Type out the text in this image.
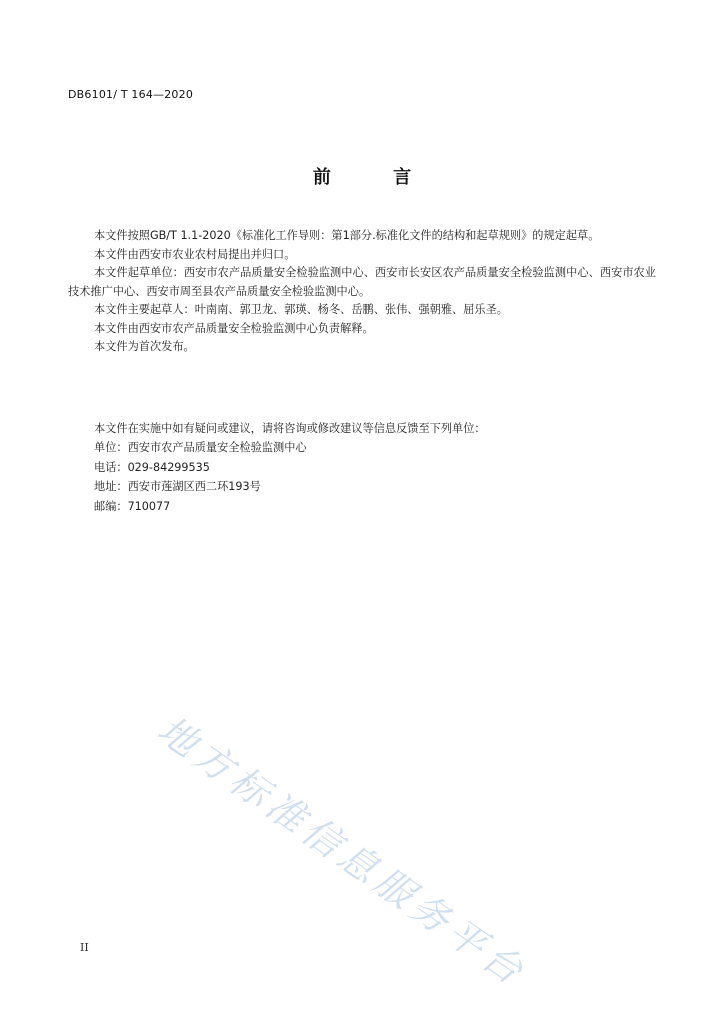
DB6101/ T 164—2020
前 言

本文件按照GB/T 1.1-2020《标准化工作导则：第1部分.标准化文件的结构和起草规则》的规定起草。

本文件由西安市农业农村局提出并归口。

本文件起草单位：西安市农产品质量安全检验监测中心、西安市长安区农产品质量安全检验监测中心、西安市农业技术推广中心、西安市周至县农产品质量安全检验监测中心。

本文件主要起草人：叶南南、郭卫龙、郭瑛、杨冬、岳鹏、张伟、强朝雅、屈乐圣。

本文件由西安市农产品质量安全检验监测中心负责解释。

本文件为首次发布。

本文件在实施中如有疑问或建议，请将咨询或修改建议等信息反馈至下列单位：

单位：西安市农产品质量安全检验监测中心

电话：029-84299535

地址：西安市莲湖区西二环193号

邮编：710077

地方标准信息服务平台
II
